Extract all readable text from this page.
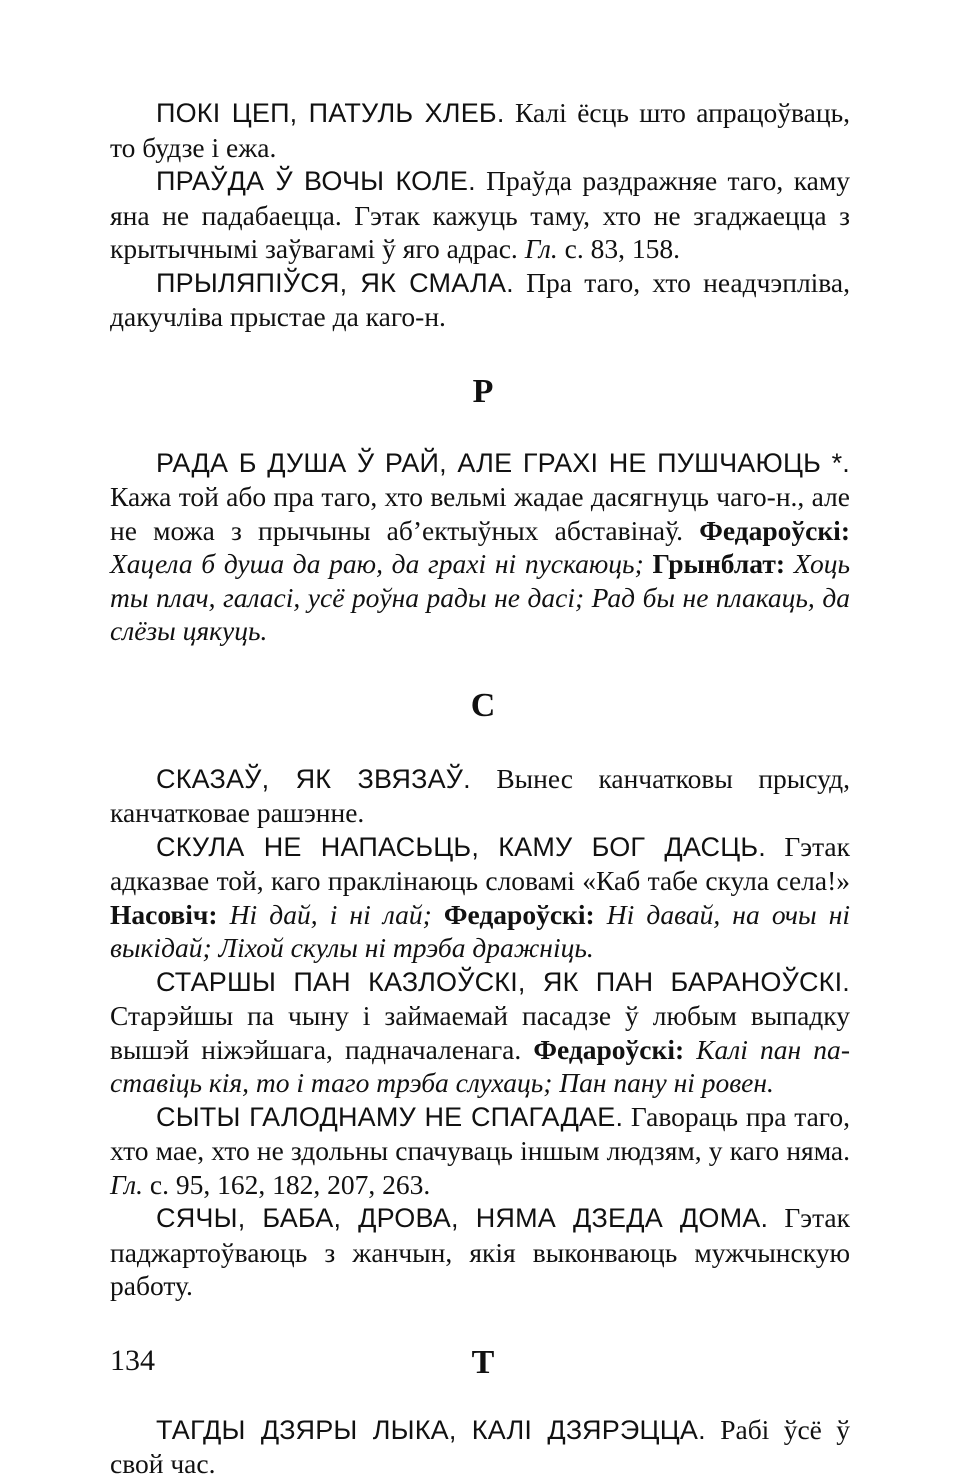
ПОКІ ЦЕП, ПАТУЛЬ ХЛЕБ. Калі ёсць што апрацоўваць, то будзе і ежа.

ПРАЎДА Ў ВОЧЫ КОЛЕ. Праўда раздражняе таго, каму яна не падабаецца. Гэтак кажуць таму, хто не згаджаецца з крытычнымі заўвагамі ў яго адрас. Гл. с. 83, 158.

ПРЫЛЯПІЎСЯ, ЯК СМАЛА. Пра таго, хто неадчэпліва, дакучліва прыстае да каго-н.

Р

РАДА Б ДУША Ў РАЙ, АЛЕ ГРАХІ НЕ ПУШЧАЮЦЬ *. Кажа той або пра таго, хто вельмі жадае дасягнуць чаго-н., але не можа з прычыны аб’ектыўных абставінаў. Федароўскі: Хацела б душа да раю, да грахі ні пускаюць; Грынблат: Хоць ты плач, галасі, усё роўна рады не дасі; Рад бы не плакаць, да слёзы цякуць.

С

СКАЗАЎ, ЯК ЗВЯЗАЎ. Вынес канчатковы прысуд, канчатковае рашэнне.

СКУЛА НЕ НАПАСЬЦЬ, КАМУ БОГ ДАСЦЬ. Гэтак адказвае той, каго праклінаюць словамі «Каб табе скула села!» Насовіч: Ні дай, і ні лай; Федароўскі: Ні давай, на очы ні выкідай; Ліхой скулы ні трэба дражніць.

СТАРШЫ ПАН КАЗЛОЎСКІ, ЯК ПАН БАРАНОЎСКІ. Старэйшы па чыну і займаемай пасадзе ў любым выпадку вышэй ніжэйшага, падначаленага. Федароўскі: Калі пан паставіць кія, то і таго трэба слухаць; Пан пану ні ровен.

СЫТЫ ГАЛОДНАМУ НЕ СПАГАДАЕ. Гавораць пра таго, хто мае, хто не здольны спачуваць іншым людзям, у каго няма. Гл. с. 95, 162, 182, 207, 263.

СЯЧЫ, БАБА, ДРОВА, НЯМА ДЗЕДА ДОМА. Гэтак паджартоўваюць з жанчын, якія выконваюць мужчынскую работу.

Т

ТАГДЫ ДЗЯРЫ ЛЫКА, КАЛІ ДЗЯРЭЦЦА. Рабі ўсё ў свой час.

134
